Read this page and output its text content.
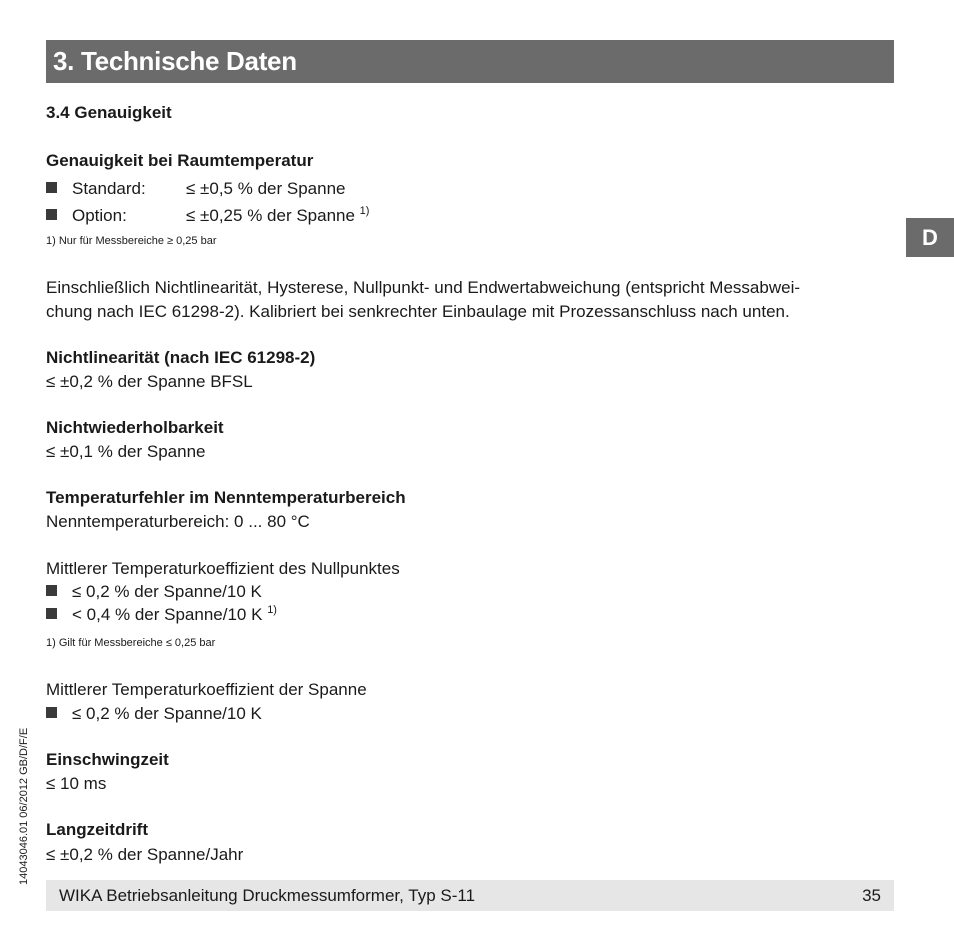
3. Technische Daten
D
3.4 Genauigkeit
Genauigkeit bei Raumtemperatur
Standard: ≤ ±0,5 % der Spanne
Option:	≤ ±0,25 % der Spanne $^{1)}$
1) Nur für Messbereiche ≥ 0,25 bar
Einschließlich Nichtlinearität, Hysterese, Nullpunkt- und Endwertabweichung (entspricht Messabwei-
chung nach IEC 61298-2). Kalibriert bei senkrechter Einbaulage mit Prozessanschluss nach unten.
Nichtlinearität (nach IEC 61298-2)
≤ ±0,2 % der Spanne BFSL
Nichtwiederholbarkeit
≤ ±0,1 % der Spanne
Temperaturfehler im Nenntemperaturbereich
Nenntemperaturbereich: 0 ... 80 °C
Mittlerer Temperaturkoeffizient des Nullpunktes
≤ 0,2 % der Spanne/10 K
< 0,4 % der Spanne/10 K $^{1)}$
1) Gilt für Messbereiche ≤ 0,25 bar
Mittlerer Temperaturkoeffizient der Spanne
≤ 0,2 % der Spanne/10 K
Einschwingzeit
≤ 10 ms
Langzeitdrift
≤ ±0,2 % der Spanne/Jahr
14043046.01 06/2012 GB/D/F/E
WIKA Betriebsanleitung Druckmessumformer, Typ S-11	35
